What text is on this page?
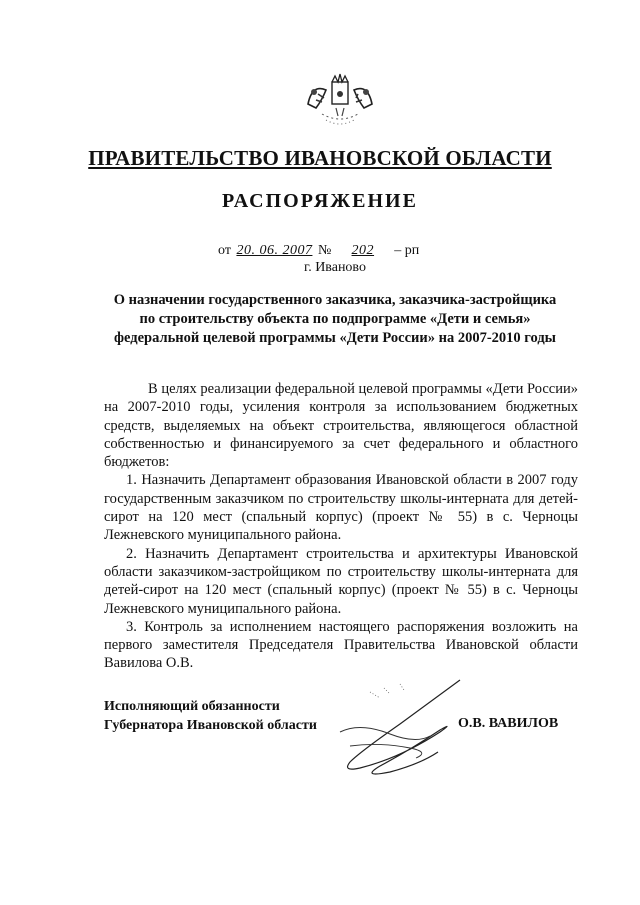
ПРАВИТЕЛЬСТВО ИВАНОВСКОЙ ОБЛАСТИ
РАСПОРЯЖЕНИЕ
от 20. 06. 2007 № 202 – рп
г. Иваново
О назначении государственного заказчика, заказчика-застройщика
по строительству объекта по подпрограмме «Дети и семья»
федеральной целевой программы «Дети России» на 2007-2010 годы

В целях реализации федеральной целевой программы «Дети России» на 2007-2010 годы, усиления контроля за использованием бюджетных средств, выделяемых на объект строительства, являющегося областной собственностью и финансируемого за счет федерального и областного бюджетов:

1. Назначить Департамент образования Ивановской области в 2007 году государственным заказчиком по строительству школы-интерната для детей-сирот на 120 мест (спальный корпус) (проект № 55) в с. Черноцы Лежневского муниципального района.

2. Назначить Департамент строительства и архитектуры Ивановской области заказчиком-застройщиком по строительству школы-интерната для детей-сирот на 120 мест (спальный корпус) (проект № 55) в с. Черноцы Лежневского муниципального района.

3. Контроль за исполнением настоящего распоряжения возложить на первого заместителя Председателя Правительства Ивановской области Вавилова О.В.

Исполняющий обязанности
Губернатора Ивановской области	О.В. ВАВИЛОВ
